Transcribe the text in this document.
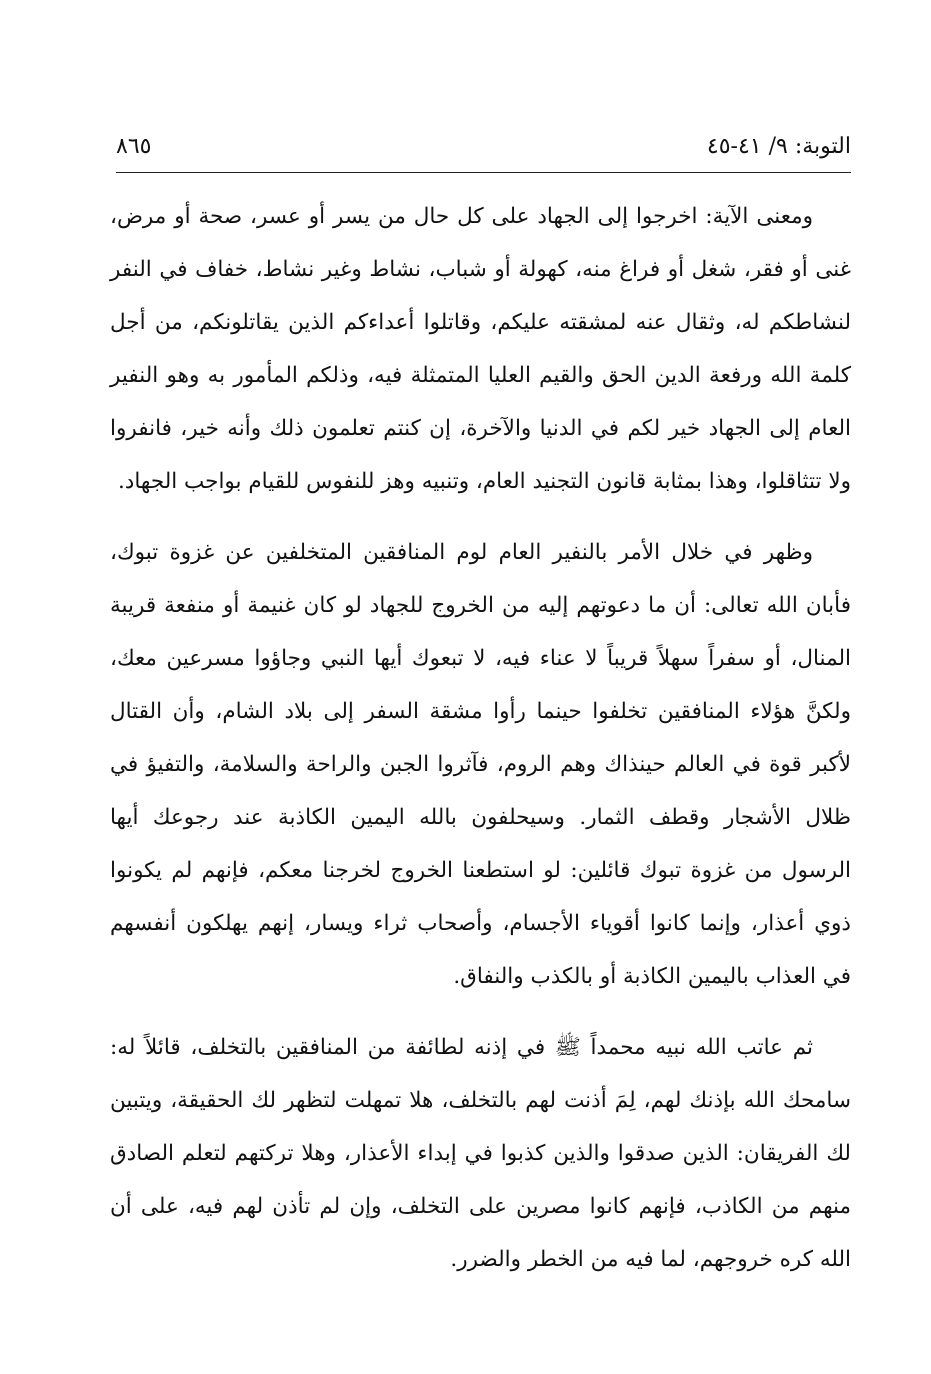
التوبة: ٩/ ٤١-٤٥
٨٦٥

ومعنى الآية: اخرجوا إلى الجهاد على كل حال من يسر أو عسر، صحة أو مرض، غنى أو فقر، شغل أو فراغ منه، كهولة أو شباب، نشاط وغير نشاط، خفاف في النفر لنشاطكم له، وثقال عنه لمشقته عليكم، وقاتلوا أعداءكم الذين يقاتلونكم، من أجل كلمة الله ورفعة الدين الحق والقيم العليا المتمثلة فيه، وذلكم المأمور به وهو النفير العام إلى الجهاد خير لكم في الدنيا والآخرة، إن كنتم تعلمون ذلك وأنه خير، فانفروا ولا تتثاقلوا، وهذا بمثابة قانون التجنيد العام، وتنبيه وهز للنفوس للقيام بواجب الجهاد.

وظهر في خلال الأمر بالنفير العام لوم المنافقين المتخلفين عن غزوة تبوك، فأبان الله تعالى: أن ما دعوتهم إليه من الخروج للجهاد لو كان غنيمة أو منفعة قريبة المنال، أو سفراً سهلاً قريباً لا عناء فيه، لا تبعوك أيها النبي وجاؤوا مسرعين معك، ولكنَّ هؤلاء المنافقين تخلفوا حينما رأوا مشقة السفر إلى بلاد الشام، وأن القتال لأكبر قوة في العالم حينذاك وهم الروم، فآثروا الجبن والراحة والسلامة، والتفيؤ في ظلال الأشجار وقطف الثمار. وسيحلفون بالله اليمين الكاذبة عند رجوعك أيها الرسول من غزوة تبوك قائلين: لو استطعنا الخروج لخرجنا معكم، فإنهم لم يكونوا ذوي أعذار، وإنما كانوا أقوياء الأجسام، وأصحاب ثراء ويسار، إنهم يهلكون أنفسهم في العذاب باليمين الكاذبة أو بالكذب والنفاق.

ثم عاتب الله نبيه محمداً ﷺ في إذنه لطائفة من المنافقين بالتخلف، قائلاً له: سامحك الله بإذنك لهم، لِمَ أذنت لهم بالتخلف، هلا تمهلت لتظهر لك الحقيقة، ويتبين لك الفريقان: الذين صدقوا والذين كذبوا في إبداء الأعذار، وهلا تركتهم لتعلم الصادق منهم من الكاذب، فإنهم كانوا مصرين على التخلف، وإن لم تأذن لهم فيه، على أن الله كره خروجهم، لما فيه من الخطر والضرر.
